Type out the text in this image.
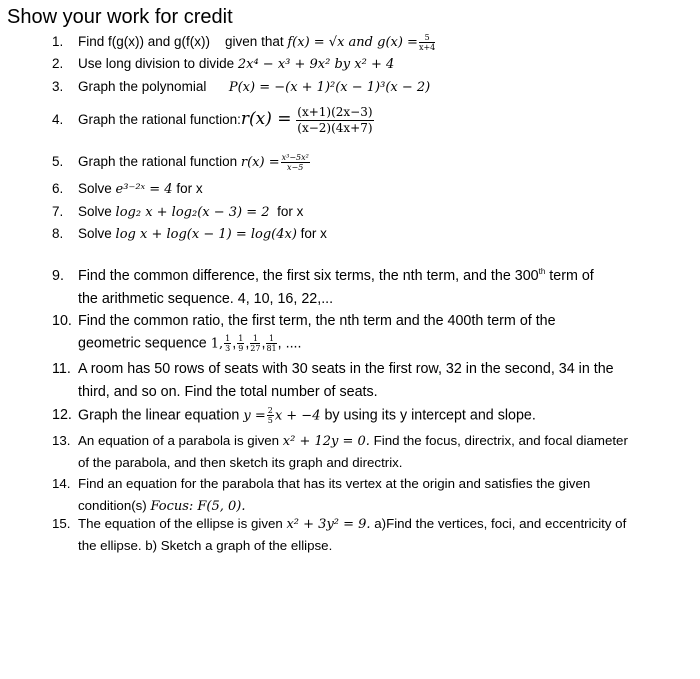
Show your work for credit
1. Find f(g(x)) and g(f(x)) given that f(x) = √x and $g(x) = \frac{5}{x+4}$
2. Use long division to divide 2x⁴ − x³ + 9x² by x² + 4
3. Graph the polynomial P(x) = −(x + 1)²(x − 1)³(x − 2)
4. Graph the rational function:r(x) = $\frac{(x+1)(2x-3)}{(x-2)(4x+7)}$
5. Graph the rational function $r(x) = \frac{\text{x³−5x²}}{x-5}$
6. Solve e³⁻²ˣ = 4 for x
7. Solve log₂ x + log₂(x − 3) = 2 for x
8. Solve log x + log(x − 1) = log(4x) for x
9. Find the common difference, the first six terms, the nth term, and the 300th term of
the arithmetic sequence. 4, 10, 16, 22,...
10. Find the common ratio, the first term, the nth term and the 400th term of the
geometric sequence 1, $\frac{1}{3}$ , $\frac{1}{9}$ , $\frac{1}{27}$ , $\frac{1}{81}$ , ....
11. A room has 50 rows of seats with 30 seats in the first row, 32 in the second, 34 in the
third, and so on. Find the total number of seats.
12. Graph the linear equation $y = \frac{2}{5}$ x + −4 by using its y intercept and slope.
13. An equation of a parabola is given x² + 12y = 0. Find the focus, directrix, and focal diameter
of the parabola, and then sketch its graph and directrix.
14. Find an equation for the parabola that has its vertex at the origin and satisfies the given
condition(s) Focus: F(5, 0).
15. The equation of the ellipse is given x² + 3y² = 9. a)Find the vertices, foci, and eccentricity of
the ellipse. b) Sketch a graph of the ellipse.
